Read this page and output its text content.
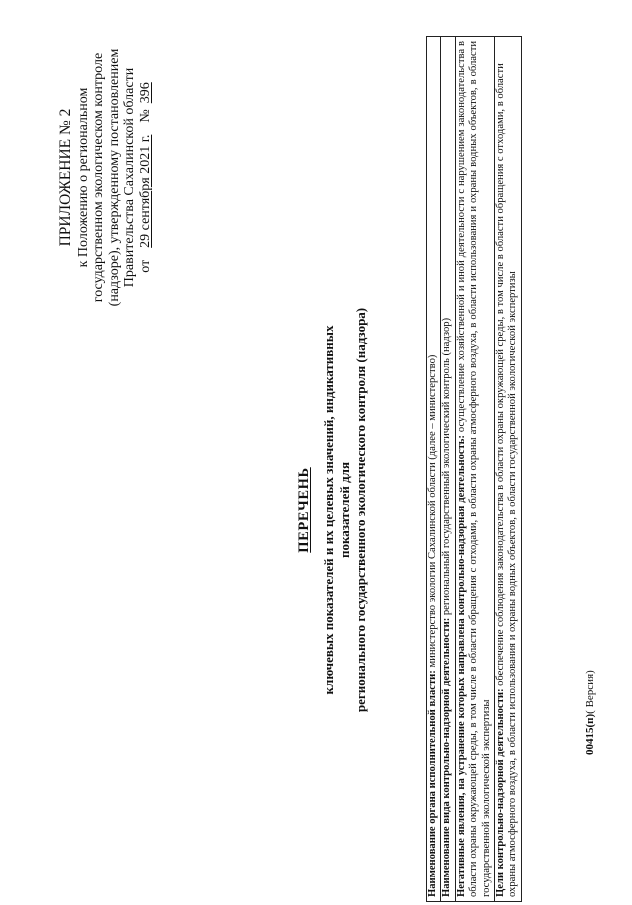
ПРИЛОЖЕНИЕ № 2 к Положению о региональном государственном экологическом контроле (надзоре), утвержденному постановлением Правительства Сахалинской области от29 сентября 2021 г.№396
ПЕРЕЧЕНЬ ключевых показателей и их целевых значений, индикативных показателей для регионального государственного экологического контроля (надзора)
Наименование органа исполнительной власти: министерство экологии Сахалинской области (далее – министерство)
Наименование вида контрольно-надзорной деятельности: региональный государственный экологический контроль (надзор)
Негативные явления, на устранение которых направлена контрольно-надзорная деятельность: осуществление хозяйственной и иной деятельности с нарушением законодательства в области охраны окружающей среды, в том числе в области обращения с отходами, в области охраны атмосферного воздуха, в области использования и охраны водных объектов, в области государственной экологической экспертизы
Цели контрольно-надзорной деятельности: обеспечение соблюдения законодательства в области охраны окружающей среды, в том числе в области обращения с отходами, в области охраны атмосферного воздуха, в области использования и охраны водных объектов, в области государственной экологической экспертизы	00415(п)( Версия)
